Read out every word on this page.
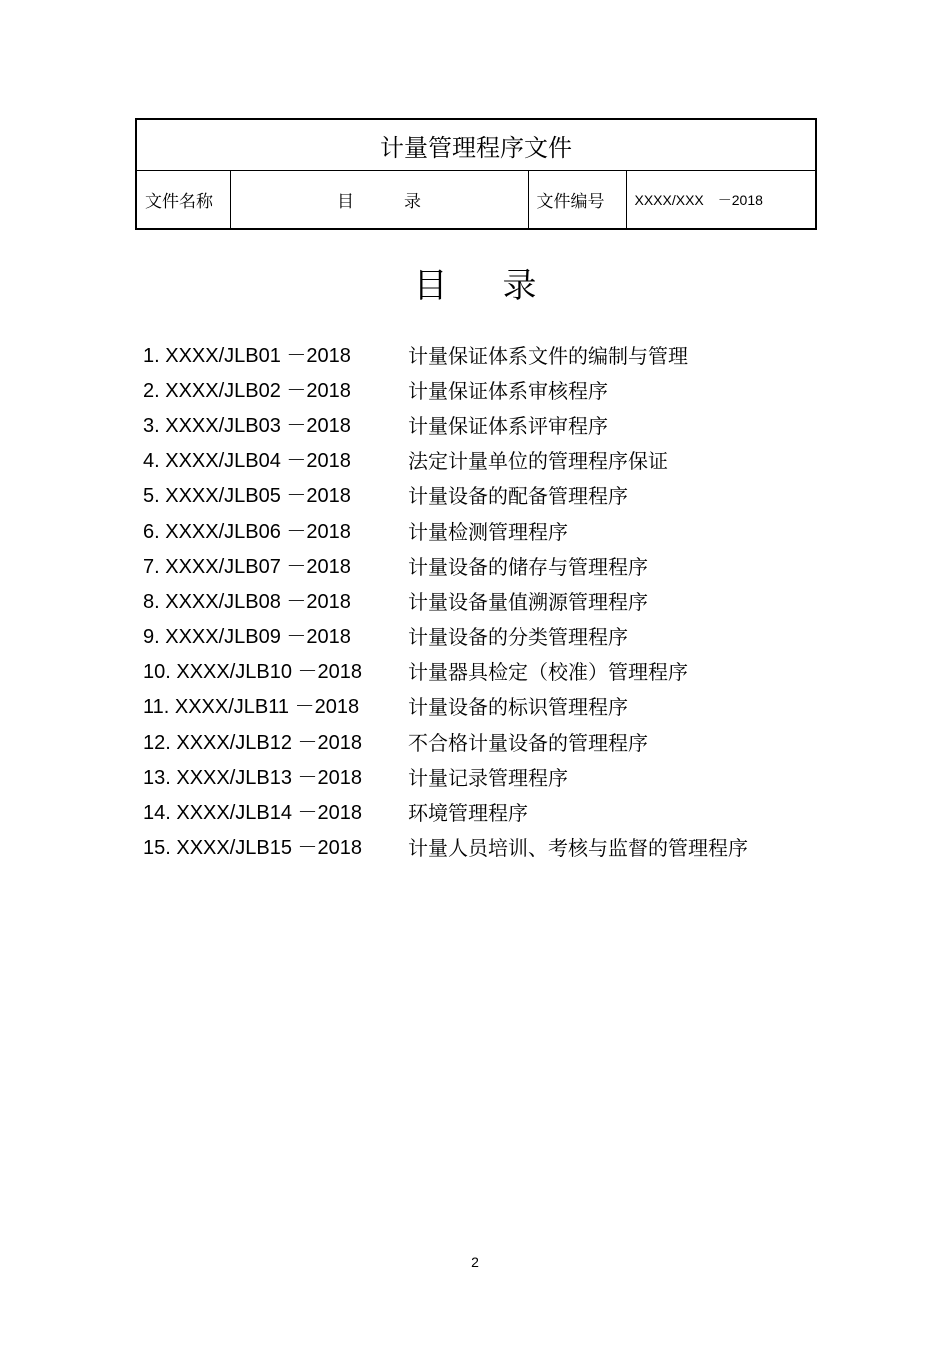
计量管理程序文件
文件名称	目	录	文件编号	XXXX/XXX　－2018
目 录
1. XXXX/JLB01 －2018	计量保证体系文件的编制与管理
2. XXXX/JLB02 －2018	计量保证体系审核程序
3. XXXX/JLB03 －2018	计量保证体系评审程序
4. XXXX/JLB04 －2018	法定计量单位的管理程序保证
5. XXXX/JLB05 －2018	计量设备的配备管理程序
6. XXXX/JLB06 －2018	计量检测管理程序
7. XXXX/JLB07 －2018	计量设备的储存与管理程序
8. XXXX/JLB08 －2018	计量设备量值溯源管理程序
9. XXXX/JLB09 －2018	计量设备的分类管理程序
10. XXXX/JLB10 －2018	计量器具检定（校准）管理程序
11. XXXX/JLB11 －2018	计量设备的标识管理程序
12. XXXX/JLB12 －2018	不合格计量设备的管理程序
13. XXXX/JLB13 －2018	计量记录管理程序
14. XXXX/JLB14 －2018	环境管理程序
15. XXXX/JLB15 －2018	计量人员培训、考核与监督的管理程序
2
